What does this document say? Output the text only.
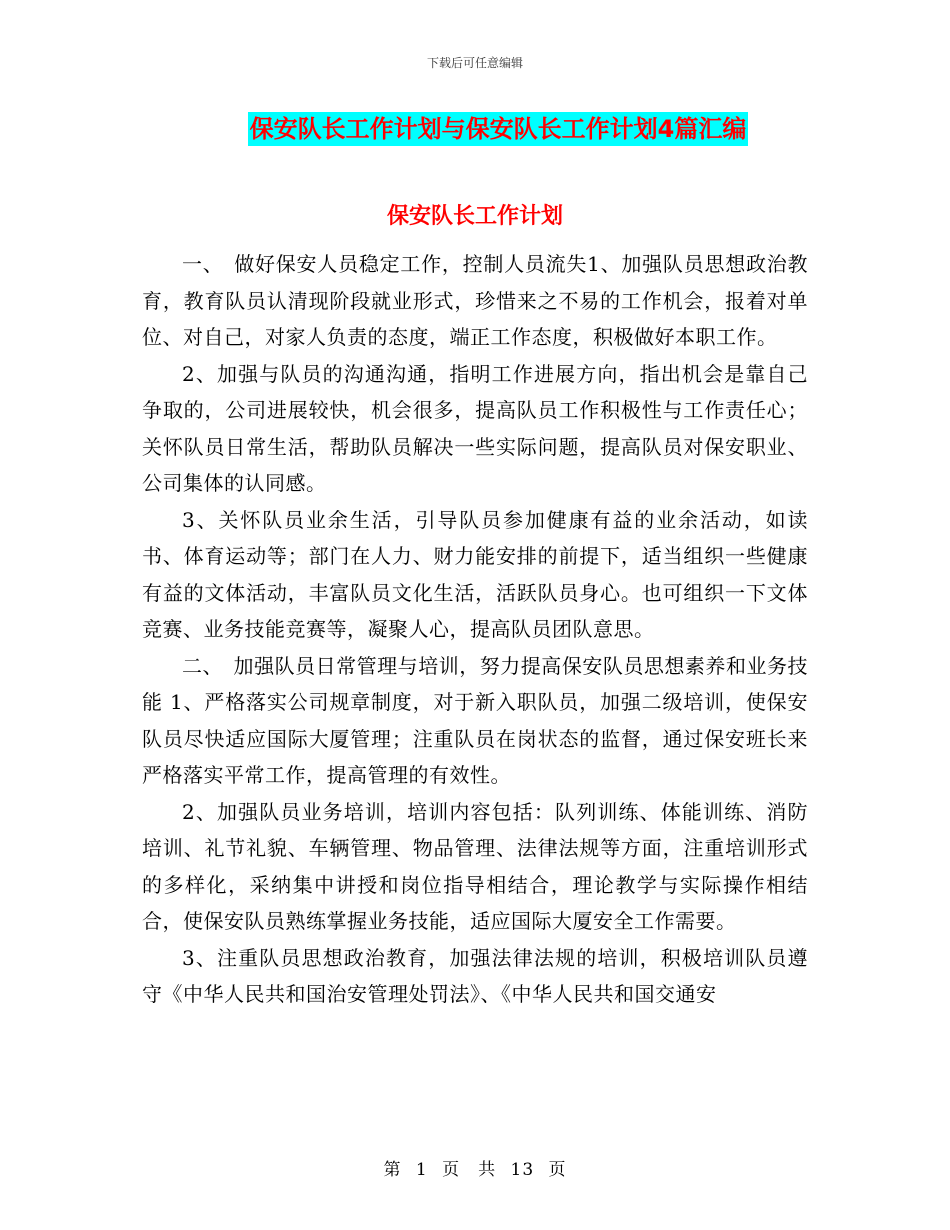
下载后可任意编辑
保安队长工作计划与保安队长工作计划4篇汇编
保安队长工作计划

一、　做好保安人员稳定工作，控制人员流失1、加强队员思想政治教育，教育队员认清现阶段就业形式，珍惜来之不易的工作机会，报着对单位、对自己，对家人负责的态度，端正工作态度，积极做好本职工作。

2、加强与队员的沟通沟通，指明工作进展方向，指出机会是靠自己争取的，公司进展较快，机会很多，提高队员工作积极性与工作责任心；关怀队员日常生活，帮助队员解决一些实际问题，提高队员对保安职业、公司集体的认同感。

3、关怀队员业余生活，引导队员参加健康有益的业余活动，如读书、体育运动等；部门在人力、财力能安排的前提下，适当组织一些健康有益的文体活动，丰富队员文化生活，活跃队员身心。也可组织一下文体竞赛、业务技能竞赛等，凝聚人心，提高队员团队意思。

二、　加强队员日常管理与培训，努力提高保安队员思想素养和业务技能 1、严格落实公司规章制度，对于新入职队员，加强二级培训，使保安队员尽快适应国际大厦管理；注重队员在岗状态的监督，通过保安班长来严格落实平常工作，提高管理的有效性。

2、加强队员业务培训，培训内容包括：队列训练、体能训练、消防培训、礼节礼貌、车辆管理、物品管理、法律法规等方面，注重培训形式的多样化，采纳集中讲授和岗位指导相结合，理论教学与实际操作相结合，使保安队员熟练掌握业务技能，适应国际大厦安全工作需要。

3、注重队员思想政治教育，加强法律法规的培训，积极培训队员遵守《中华人民共和国治安管理处罚法》、《中华人民共和国交通安

第 1 页　共 13 页
